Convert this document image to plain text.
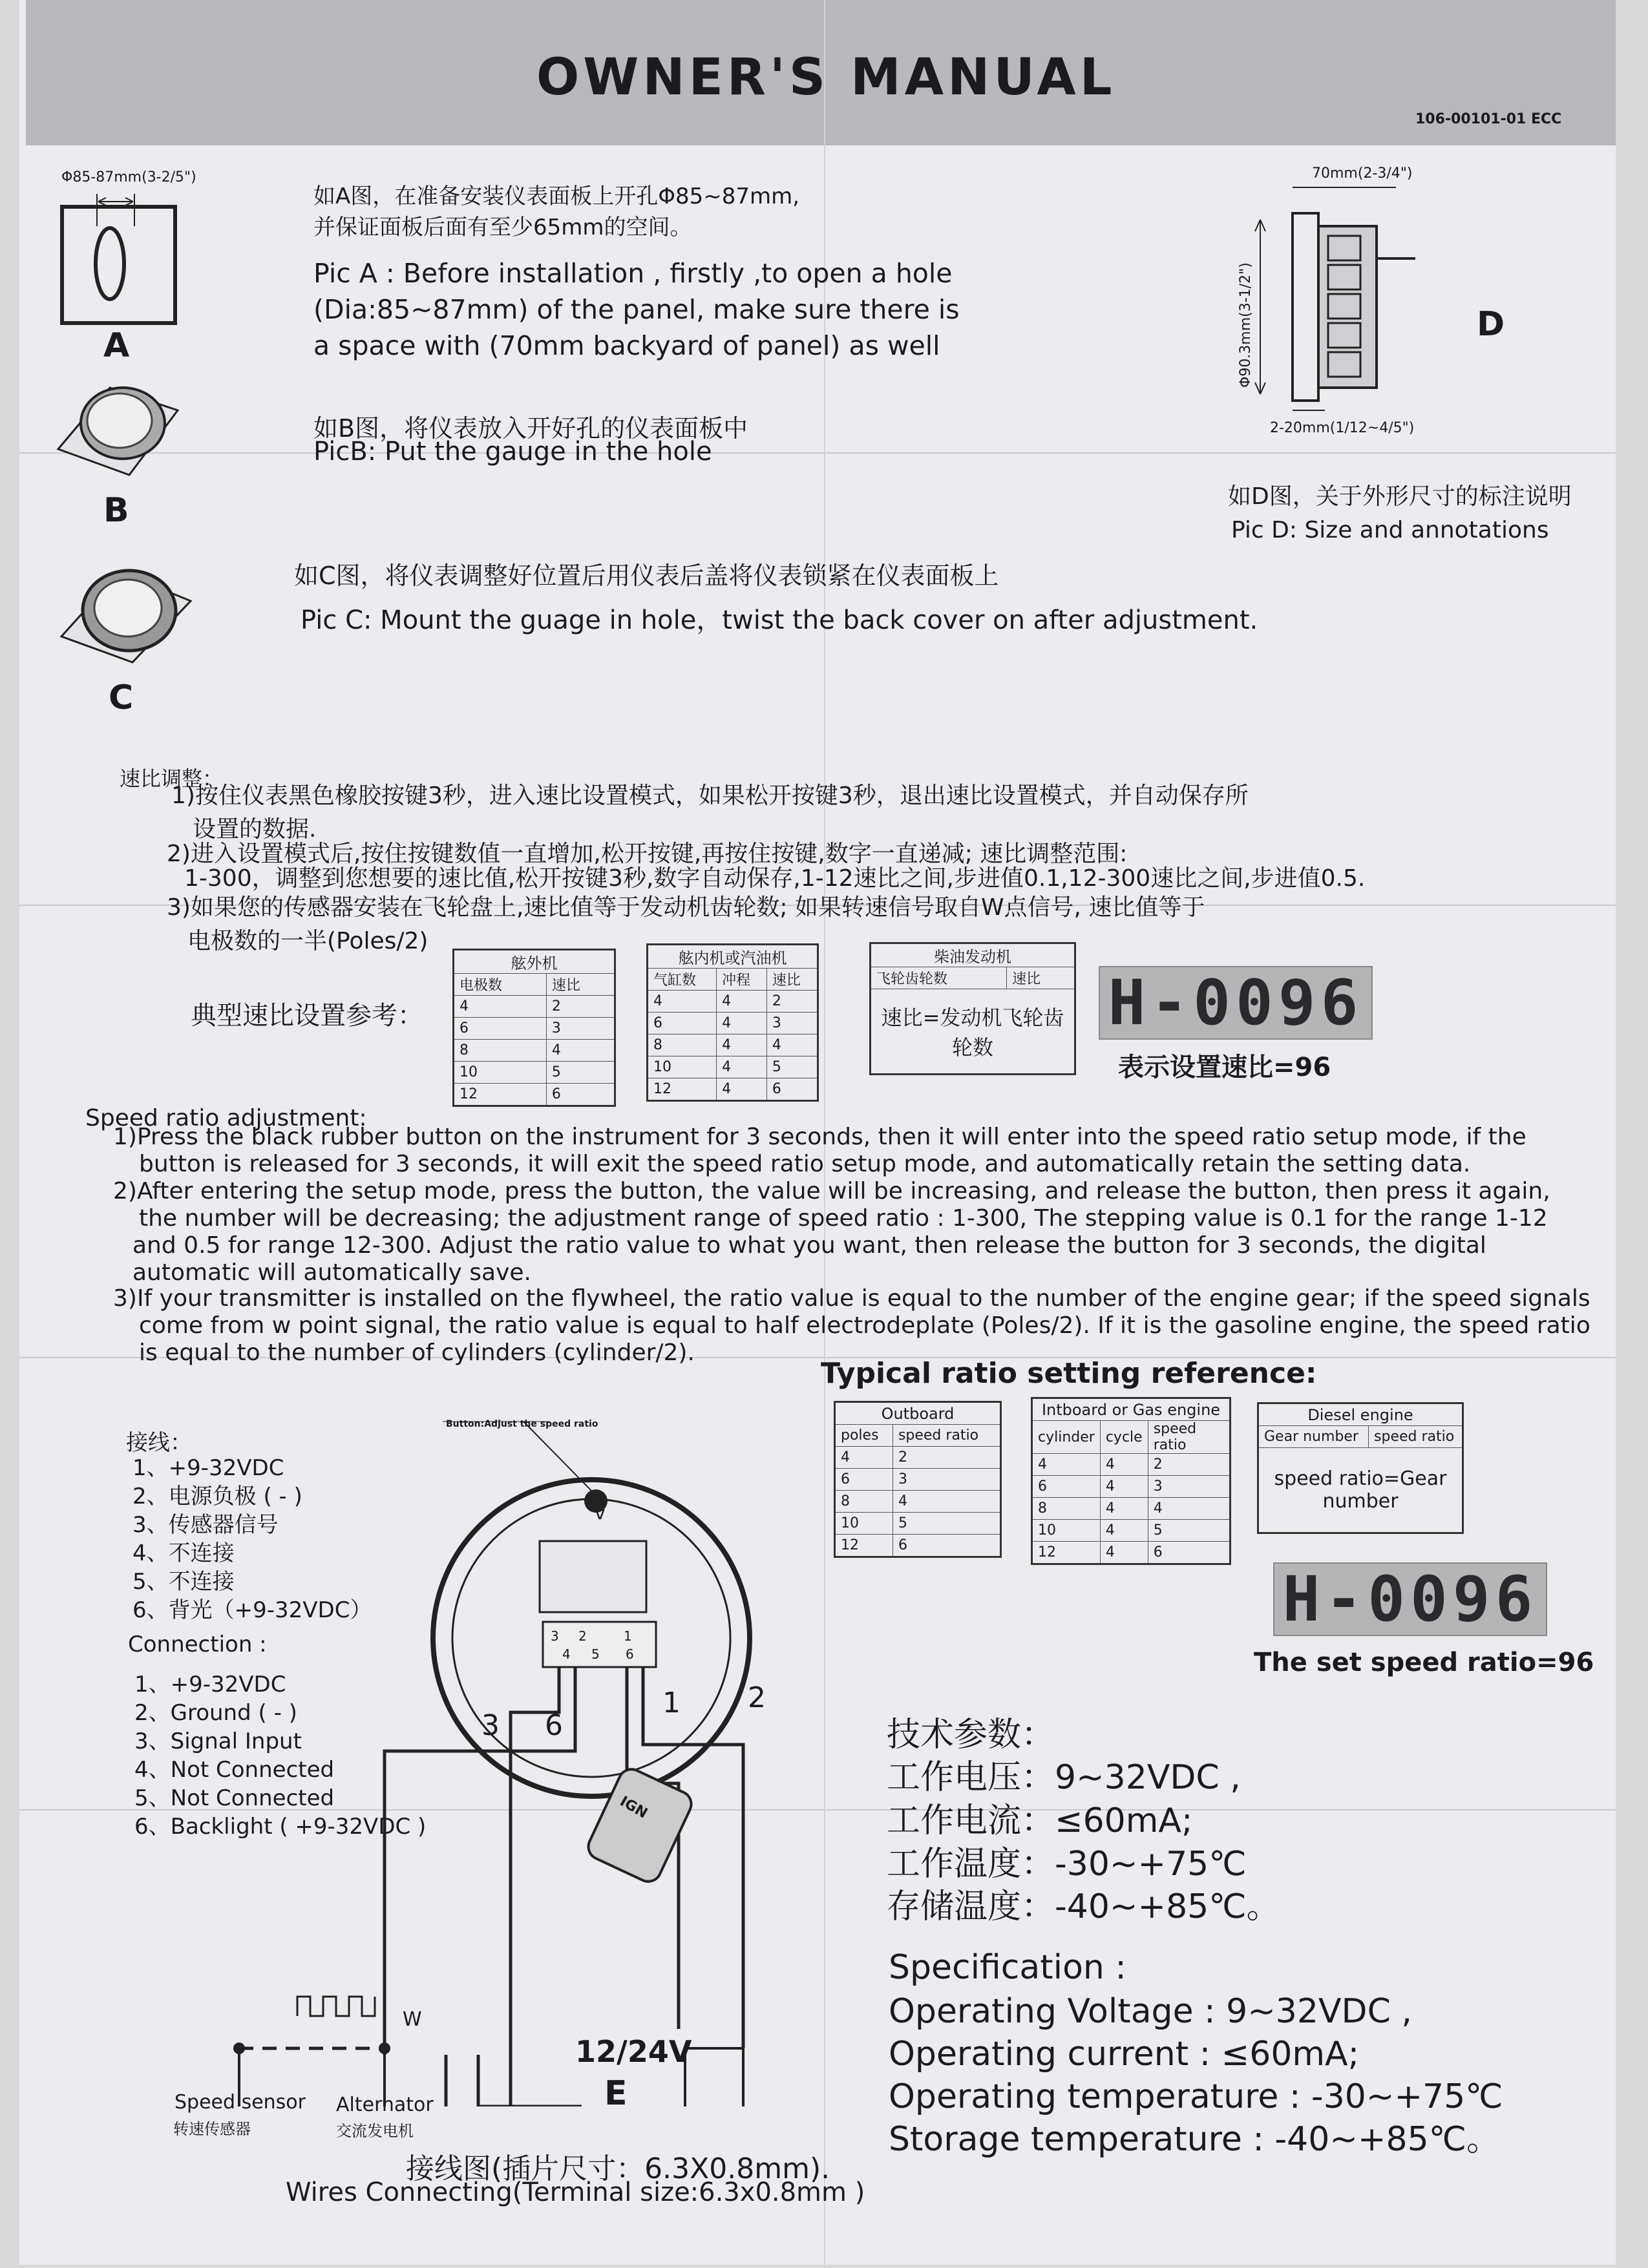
OWNER'S MANUAL
106-00101-01 ECC
Φ85-87mm(3-2/5")
A
如A图，在准备安装仪表面板上开孔Φ85~87mm,
并保证面板后面有至少65mm的空间。
Pic A : Before installation , firstly ,to open a hole
(Dia:85~87mm) of the panel, make sure there is
a space with (70mm backyard of panel) as well
B
如B图，将仪表放入开好孔的仪表面板中
PicB: Put the gauge in the hole
C
如C图，将仪表调整好位置后用仪表后盖将仪表锁紧在仪表面板上
Pic C: Mount the guage in hole，twist the back cover on after adjustment.
70mm(2-3/4")
Φ90.3mm(3-1/2")
2-20mm(1/12~4/5")
D
如D图，关于外形尺寸的标注说明
Pic D: Size and annotations
速比调整：
1)按住仪表黑色橡胶按键3秒，进入速比设置模式，如果松开按键3秒，退出速比设置模式，并自动保存所
设置的数据.
2)进入设置模式后,按住按键数值一直增加,松开按键,再按住按键,数字一直递减; 速比调整范围:
1-300，调整到您想要的速比值,松开按键3秒,数字自动保存,1-12速比之间,步进值0.1,12-300速比之间,步进值0.5.
3)如果您的传感器安装在飞轮盘上,速比值等于发动机齿轮数; 如果转速信号取自W点信号, 速比值等于
电极数的一半(Poles/2)
典型速比设置参考：
舷外机	
电极数	速比
4	2
6	3
8	4
10	5
12	6
舷内机或汽油机		
气缸数	冲程	速比
4	4	2
6	4	3
8	4	4
10	4	5
12	4	6
柴油发动机
飞轮齿轮数	速比
速比=发动机飞轮齿轮数
H-0096
表示设置速比=96
Speed ratio adjustment:
1)Press the black rubber button on the instrument for 3 seconds, then it will enter into the speed ratio setup mode, if the
button is released for 3 seconds, it will exit the speed ratio setup mode, and automatically retain the setting data.
2)After entering the setup mode, press the button, the value will be increasing, and release the button, then press it again,
the number will be decreasing; the adjustment range of speed ratio : 1-300, The stepping value is 0.1 for the range 1-12
and 0.5 for range 12-300. Adjust the ratio value to what you want, then release the button for 3 seconds, the digital
automatic will automatically save.
3)If your transmitter is installed on the flywheel, the ratio value is equal to the number of the engine gear; if the speed signals
come from w point signal, the ratio value is equal to half electrodeplate (Poles/2). If it is the gasoline engine, the speed ratio
is equal to the number of cylinders (cylinder/2).
Typical ratio setting reference:
Outboard	
poles	speed ratio
4	2
6	3
8	4
10	5
12	6
Intboard or Gas engine		
cylinder	cycle	speed ratio
4	4	2
6	4	3
8	4	4
10	4	5
12	4	6
Diesel engine
Gear number	speed ratio
speed ratio=Gear number
H-0096
The set speed ratio=96
接线：
1、+9-32VDC
2、电源负极 ( - )
3、传感器信号
4、不连接
5、不连接
6、背光（+9-32VDC）
Connection :
1、+9-32VDC
2、Ground ( - )
3、Signal Input
4、Not Connected
5、Not Connected
6、Backlight ( +9-32VDC )
Button:Adjust the speed ratio
v
3 2	1
4 5 6
3 6
1 2
IGN
W
12/24V
E
Speed sensor
转速传感器
Alternator
交流发电机
接线图(插片尺寸：6.3X0.8mm).
Wires Connecting(Terminal size:6.3x0.8mm )
技术参数：
工作电压：9~32VDC ,
工作电流：≤60mA;
工作温度：-30~+75℃
存储温度：-40~+85℃。
Specification :
Operating Voltage : 9~32VDC ,
Operating current : ≤60mA;
Operating temperature : -30~+75℃
Storage temperature : -40~+85℃。
